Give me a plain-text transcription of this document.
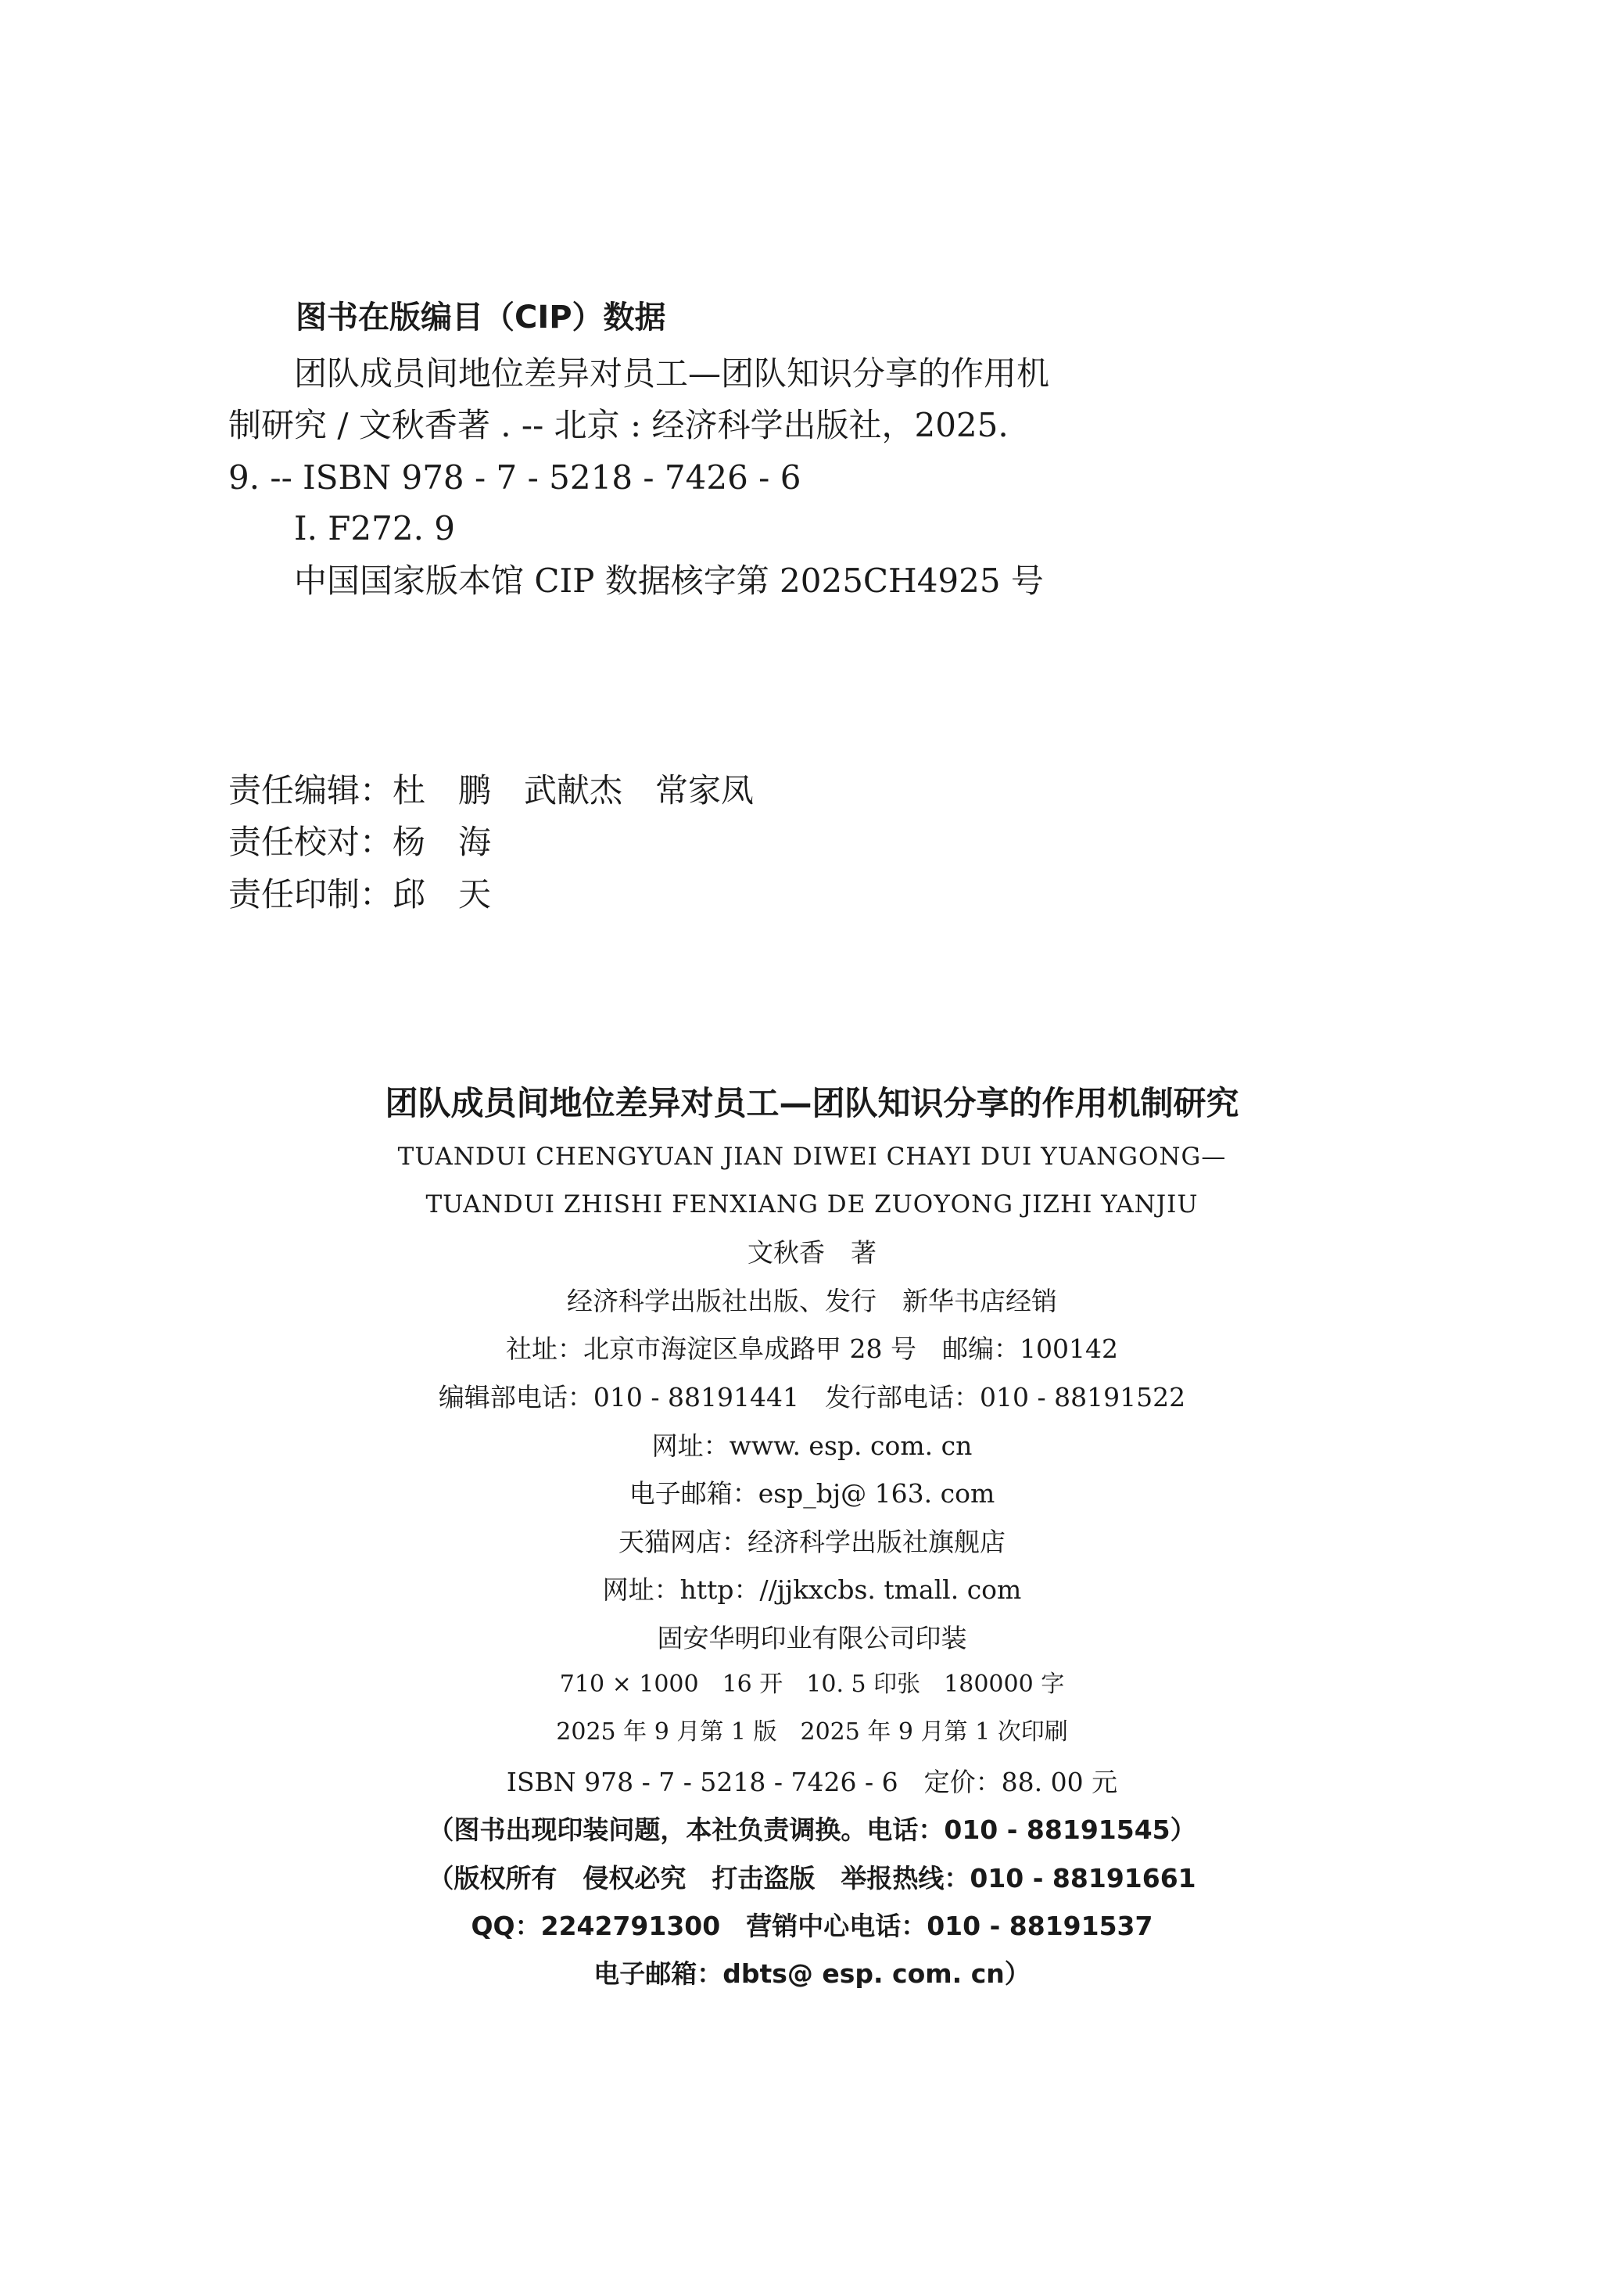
图书在版编目（CIP）数据

团队成员间地位差异对员工—团队知识分享的作用机

制研究 / 文秋香著 . -- 北京 : 经济科学出版社，2025.

9. -- ISBN 978 - 7 - 5218 - 7426 - 6

Ⅰ. F272. 9

中国国家版本馆 CIP 数据核字第 2025CH4925 号

责任编辑：杜　鹏　武献杰　常家凤

责任校对：杨　海

责任印制：邱　天

团队成员间地位差异对员工—团队知识分享的作用机制研究

TUANDUI CHENGYUAN JIAN DIWEI CHAYI DUI YUANGONG—

TUANDUI ZHISHI FENXIANG DE ZUOYONG JIZHI YANJIU

文秋香　著

经济科学出版社出版、发行　新华书店经销

社址：北京市海淀区阜成路甲 28 号　邮编：100142

编辑部电话：010 - 88191441　发行部电话：010 - 88191522

网址：www. esp. com. cn

电子邮箱：esp_bj@ 163. com

天猫网店：经济科学出版社旗舰店

网址：http：//jjkxcbs. tmall. com

固安华明印业有限公司印装

710 × 1000　16 开　10. 5 印张　180000 字

2025 年 9 月第 1 版　2025 年 9 月第 1 次印刷

ISBN 978 - 7 - 5218 - 7426 - 6　定价：88. 00 元

（图书出现印装问题，本社负责调换。电话：010 - 88191545）

（版权所有　侵权必究　打击盗版　举报热线：010 - 88191661

QQ：2242791300　营销中心电话：010 - 88191537

电子邮箱：dbts@ esp. com. cn）
